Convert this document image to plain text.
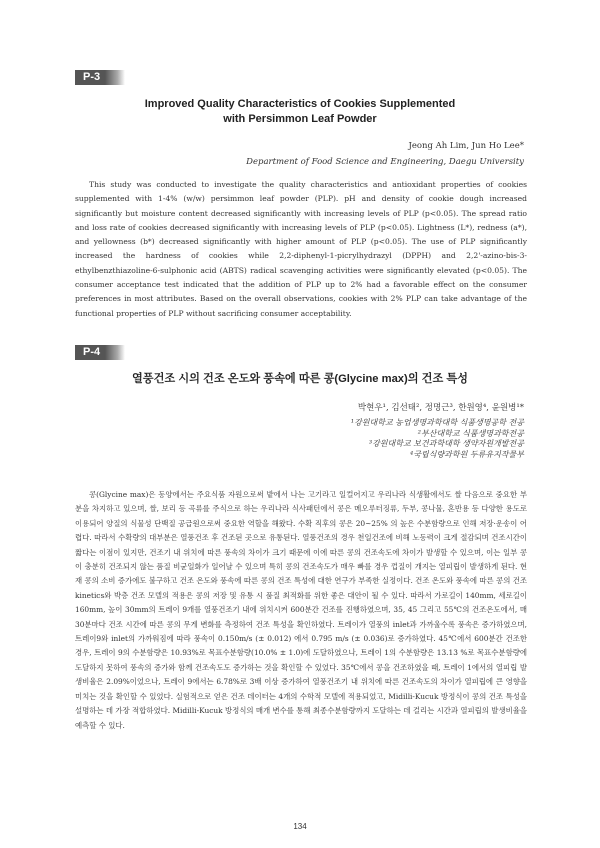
P-3
Improved Quality Characteristics of Cookies Supplemented
with Persimmon Leaf Powder
Jeong Ah Lim, Jun Ho Lee*
Department of Food Science and Engineering, Daegu University

This study was conducted to investigate the quality characteristics and antioxidant properties of cookies supplemented with 1-4% (w/w) persimmon leaf powder (PLP). pH and density of cookie dough increased significantly but moisture content decreased significantly with increasing levels of PLP (p<0.05). The spread ratio and loss rate of cookies decreased significantly with increasing levels of PLP (p<0.05). Lightness (L*), redness (a*), and yellowness (b*) decreased significantly with higher amount of PLP (p<0.05). The use of PLP significantly increased the hardness of cookies while 2,2-diphenyl-1-picrylhydrazyl (DPPH) and 2,2'-azino-bis-3-ethylbenzthiazoline-6-sulphonic acid (ABTS) radical scavenging activities were significantly elevated (p<0.05). The consumer acceptance test indicated that the addition of PLP up to 2% had a favorable effect on the consumer preferences in most attributes. Based on the overall observations, cookies with 2% PLP can take advantage of the functional properties of PLP without sacrificing consumer acceptability.

P-4
열풍건조 시의 건조 온도와 풍속에 따른 콩(Glycine max)의 건조 특성
박현우¹, 김선태², 정명근³, 한원영⁴, 윤원병¹*
¹강원대학교 농업생명과학대학 식품생명공학 전공
²부산대학교 식품생명과학전공
³강원대학교 보건과학대학 생약자원개발전공
⁴국립식량과학원 두류유지작물부

콩(Glycine max)은 동양에서는 주요식품 자원으로써 밭에서 나는 고기라고 일컬어지고 우리나라 식생활에서도 쌀 다음으로 중요한 부분을 차지하고 있으며, 쌀, 보리 등 곡류를 주식으로 하는 우리나라 식사패턴에서 콩은 메오루터징류, 두부, 콩나물, 혼반용 등 다양한 용도로 이용되어 양질의 식물성 단백질 공급원으로써 중요한 역할을 해왔다. 수확 직후의 콩은 20~25% 의 높은 수분함량으로 인해 저장·운송이 어렵다. 따라서 수확량의 대부분은 열풍건조 후 건조된 곳으로 유통된다. 열풍건조의 경우 천일건조에 비해 노동력이 크게 절감되며 건조시간이 짧다는 이점이 있지만, 건조기 내 위치에 따른 풍속의 차이가 크기 때문에 이에 따른 콩의 건조속도에 차이가 발생할 수 있으며, 이는 일부 콩이 충분히 건조되지 않는 품질 비균일화가 일어날 수 있으며 특히 콩의 건조속도가 매우 빠를 경우 껍질이 개지는 열피립이 발생하게 된다. 현재 콩의 소비 증가에도 불구하고 건조 온도와 풍속에 따른 콩의 건조 특성에 대한 연구가 부족한 실정이다. 건조 온도와 풍속에 따른 콩의 건조 kinetics와 박층 건조 모델의 적용은 콩의 저장 및 유통 시 품질 최적화를 위한 좋은 대안이 될 수 있다. 따라서 가로길이 140mm, 세로길이 160mm, 높이 30mm의 트레이 9개를 열풍건조기 내에 위치시켜 600분간 건조를 진행하였으며, 35, 45 그리고 55℃의 건조온도에서, 매 30분마다 건조 시간에 따른 콩의 무게 변화를 측정하여 건조 특성을 확인하였다. 트레이가 열풍의 inlet과 가까울수록 풍속은 증가하였으며, 트레이9와 inlet의 가까워짐에 따라 풍속이 0.150m/s (± 0.012) 에서 0.795 m/s (± 0.036)로 증가하였다. 45℃에서 600분간 건조한 경우, 트레이 9의 수분함량은 10.93%로 목표수분함량(10.0% ± 1.0)에 도달하였으나, 트레이 1의 수분함량은 13.13 %로 목표수분함량에 도달하지 못하여 풍속의 증가와 함께 건조속도도 증가하는 것을 확인할 수 있었다. 35℃에서 콩을 건조하였을 때, 트레이 1에서의 열피립 발생비율은 2.09%이었으나, 트레이 9에서는 6.78%로 3배 이상 증가하여 열풍건조기 내 위치에 따른 건조속도의 차이가 열피립에 큰 영향을 미치는 것을 확인할 수 있었다. 실험적으로 얻은 건조 데이터는 4개의 수학적 모델에 적용되었고, Midilli-Kucuk 방정식이 콩의 건조 특성을 설명하는 데 가장 적합하였다. Midilli-Kucuk 방정식의 매개 변수를 통해 최종수분함량까지 도달하는 데 걸리는 시간과 열피립의 발생비율을 예측할 수 있다.

134
